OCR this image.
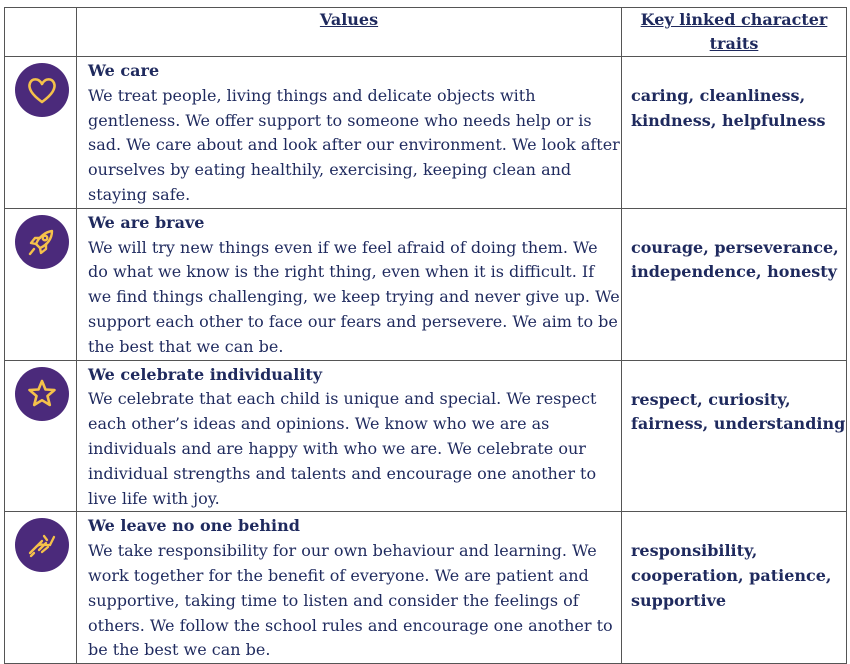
	Values	Key linked character traits

We care
We treat people, living things and delicate objects with gentleness. We offer support to someone who needs help or is sad. We care about and look after our environment. We look after ourselves by eating healthily, exercising, keeping clean and staying safe.	caring, cleanliness, kindness, helpfulness

We are brave
We will try new things even if we feel afraid of doing them. We do what we know is the right thing, even when it is difficult. If we find things challenging, we keep trying and never give up. We support each other to face our fears and persevere. We aim to be the best that we can be.	courage, perseverance, independence, honesty

We celebrate individuality
We celebrate that each child is unique and special. We respect each other’s ideas and opinions. We know who we are as individuals and are happy with who we are. We celebrate our individual strengths and talents and encourage one another to live life with joy.	respect, curiosity, fairness, understanding

We leave no one behind
We take responsibility for our own behaviour and learning. We work together for the benefit of everyone. We are patient and supportive, taking time to listen and consider the feelings of others. We follow the school rules and encourage one another to be the best we can be.	responsibility, cooperation, patience, supportive
